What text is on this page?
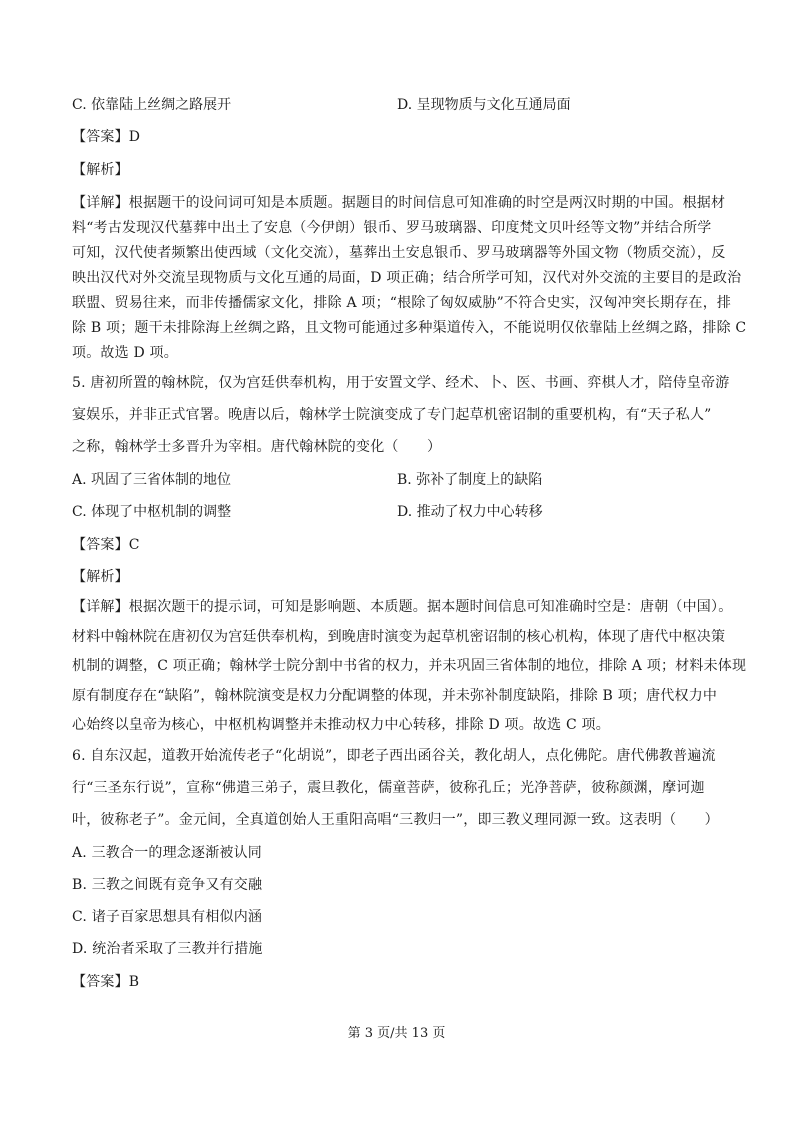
C. 依靠陆上丝绸之路展开	D. 呈现物质与文化互通局面
【答案】D
【解析】
【详解】根据题干的设问词可知是本质题。据题目的时间信息可知准确的时空是两汉时期的中国。根据材
料“考古发现汉代墓葬中出土了安息（今伊朗）银币、罗马玻璃器、印度梵文贝叶经等文物”并结合所学
可知，汉代使者频繁出使西域（文化交流），墓葬出土安息银币、罗马玻璃器等外国文物（物质交流），反
映出汉代对外交流呈现物质与文化互通的局面，D 项正确；结合所学可知，汉代对外交流的主要目的是政治
联盟、贸易往来，而非传播儒家文化，排除 A 项；“根除了匈奴威胁”不符合史实，汉匈冲突长期存在，排
除 B 项；题干未排除海上丝绸之路，且文物可能通过多种渠道传入，不能说明仅依靠陆上丝绸之路，排除 C
项。故选 D 项。
5. 唐初所置的翰林院，仅为宫廷供奉机构，用于安置文学、经术、卜、医、书画、弈棋人才，陪侍皇帝游
宴娱乐，并非正式官署。晚唐以后，翰林学士院演变成了专门起草机密诏制的重要机构，有“天子私人”
之称，翰林学士多晋升为宰相。唐代翰林院的变化（　　）
A. 巩固了三省体制的地位	B. 弥补了制度上的缺陷
C. 体现了中枢机制的调整	D. 推动了权力中心转移
【答案】C
【解析】
【详解】根据次题干的提示词，可知是影响题、本质题。据本题时间信息可知准确时空是：唐朝（中国）。
材料中翰林院在唐初仅为宫廷供奉机构，到晚唐时演变为起草机密诏制的核心机构，体现了唐代中枢决策
机制的调整，C 项正确；翰林学士院分割中书省的权力，并未巩固三省体制的地位，排除 A 项；材料未体现
原有制度存在“缺陷”，翰林院演变是权力分配调整的体现，并未弥补制度缺陷，排除 B 项；唐代权力中
心始终以皇帝为核心，中枢机构调整并未推动权力中心转移，排除 D 项。故选 C 项。
6. 自东汉起，道教开始流传老子“化胡说”，即老子西出函谷关，教化胡人，点化佛陀。唐代佛教普遍流
行“三圣东行说”，宣称“佛遣三弟子，震旦教化，儒童菩萨，彼称孔丘；光净菩萨，彼称颜渊，摩诃迦
叶，彼称老子”。金元间，全真道创始人王重阳高唱“三教归一”，即三教义理同源一致。这表明（　　）
A. 三教合一的理念逐渐被认同
B. 三教之间既有竞争又有交融
C. 诸子百家思想具有相似内涵
D. 统治者采取了三教并行措施
【答案】B
第 3 页/共 13 页
